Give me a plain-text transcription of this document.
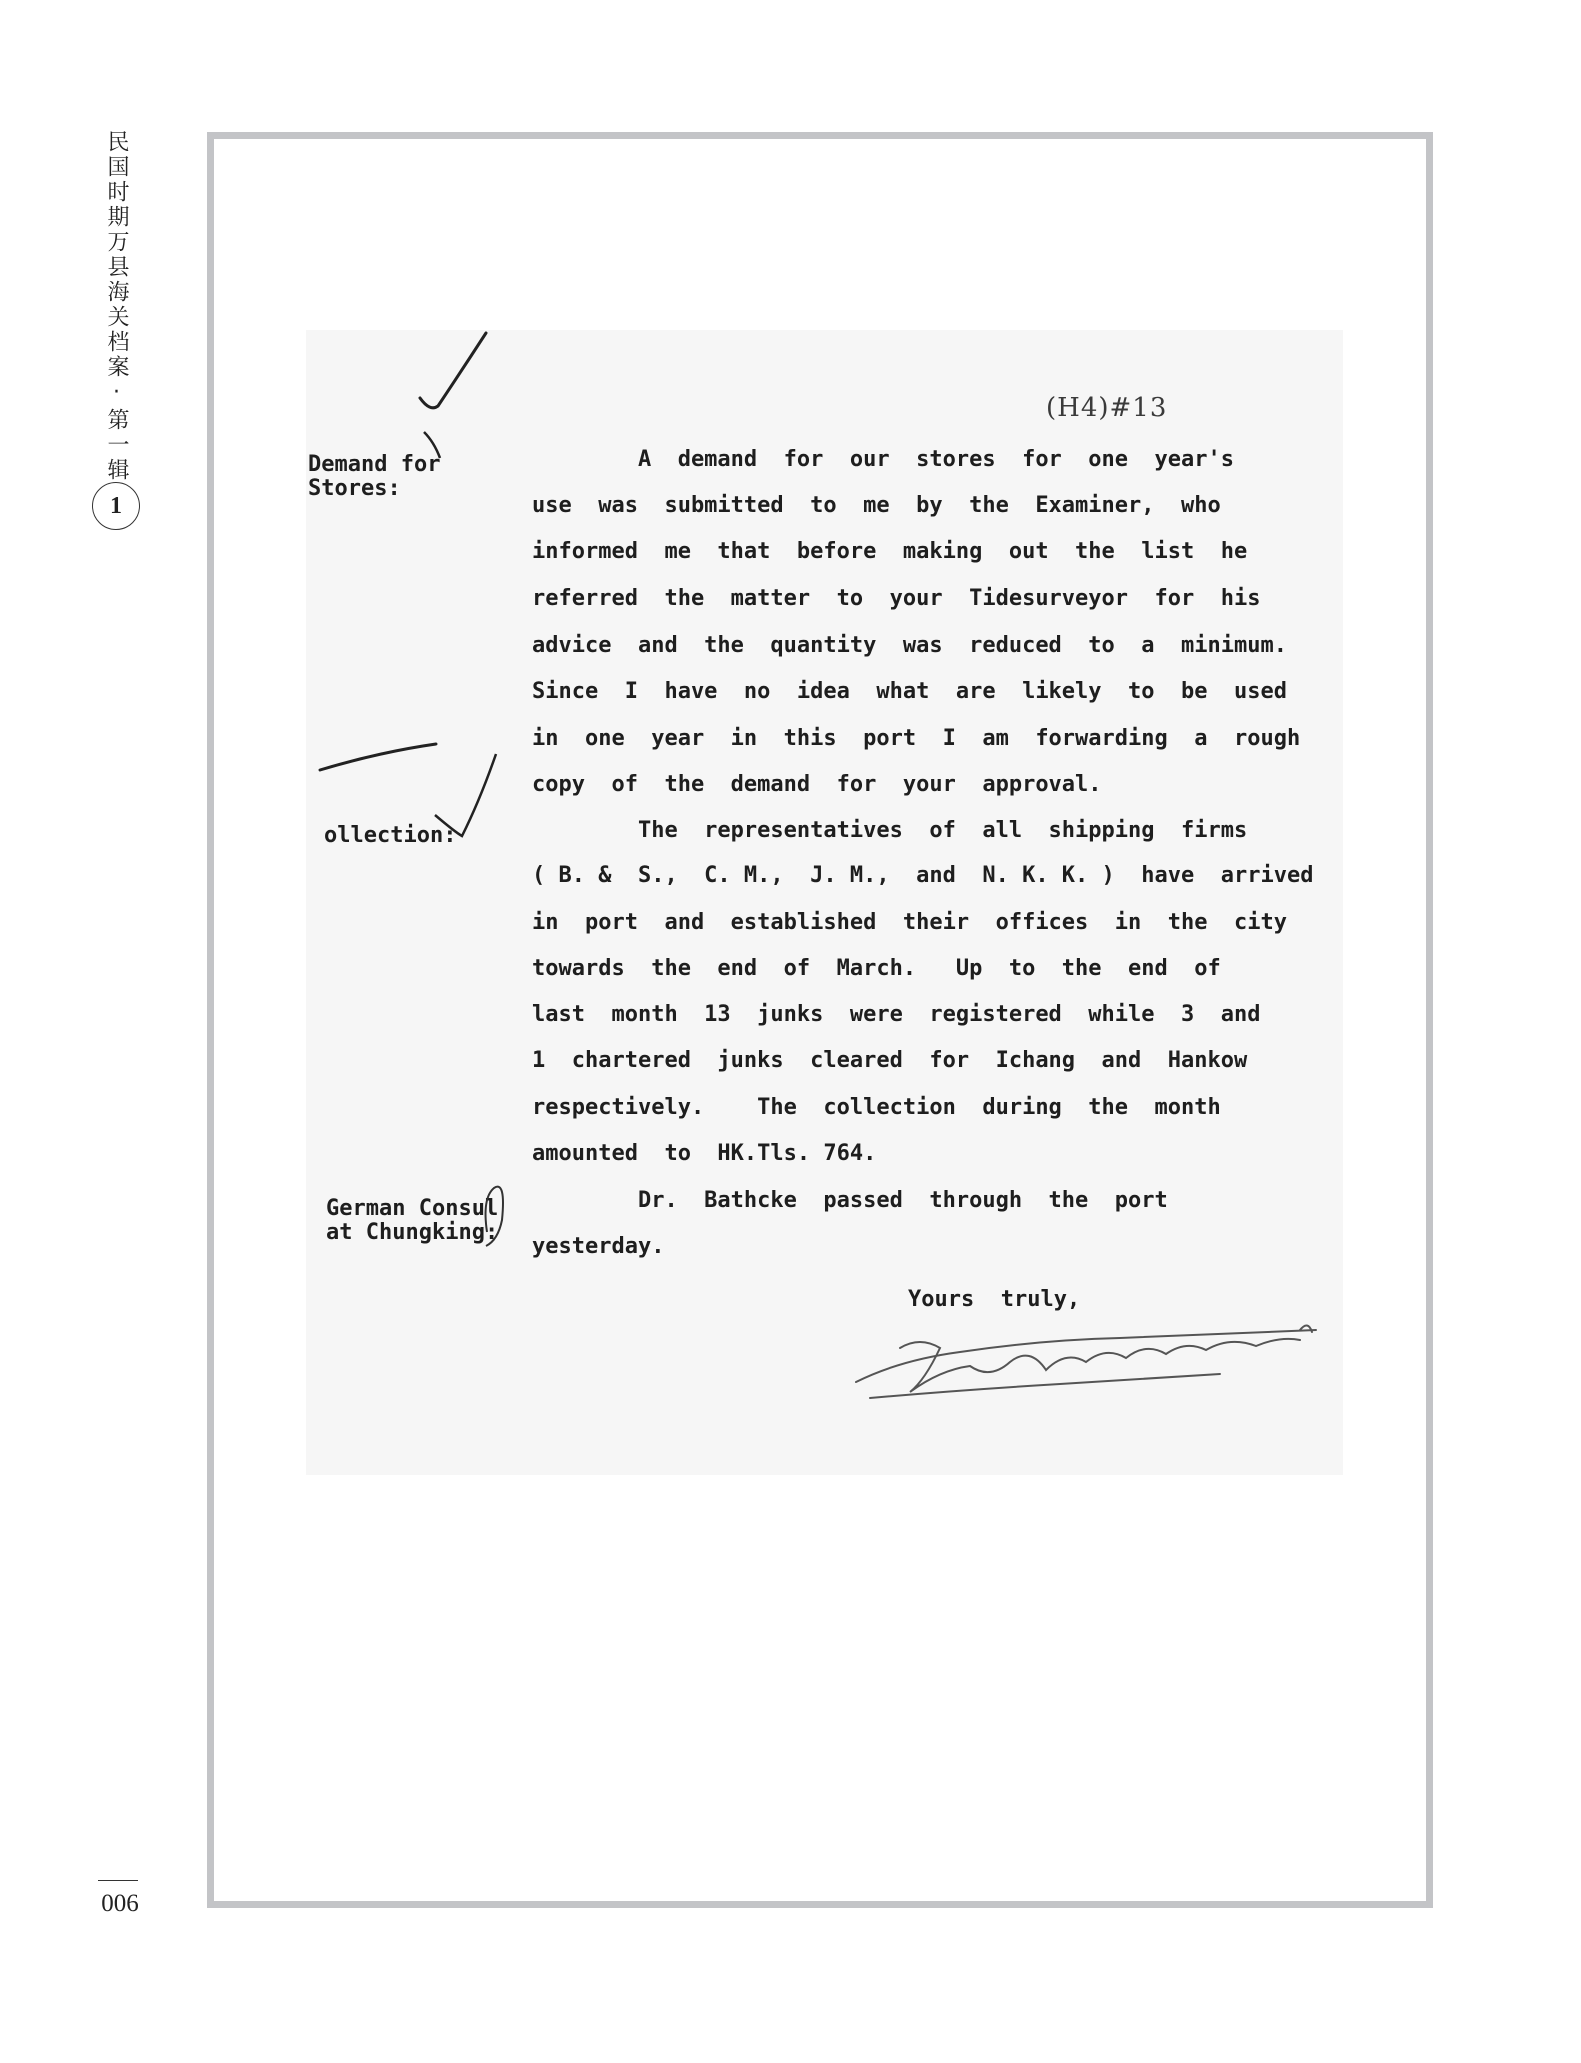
民国时期万县海关档案·第一辑
1
006
(H4)#13
Demand for
Stores:
ollection:
German Consul
at Chungking:
A  demand  for  our  stores  for  one  year's
use  was  submitted  to  me  by  the  Examiner,  who
informed  me  that  before  making  out  the  list  he
referred  the  matter  to  your  Tidesurveyor  for  his
advice  and  the  quantity  was  reduced  to  a  minimum.
Since  I  have  no  idea  what  are  likely  to  be  used
in  one  year  in  this  port  I  am  forwarding  a  rough
copy  of  the  demand  for  your  approval.
The  representatives  of  all  shipping  firms
( B. &  S.,  C. M.,  J. M.,  and  N. K. K. )  have  arrived
in  port  and  established  their  offices  in  the  city
towards  the  end  of  March.   Up  to  the  end  of
last  month  13  junks  were  registered  while  3  and
1  chartered  junks  cleared  for  Ichang  and  Hankow
respectively.    The  collection  during  the  month
amounted  to  HK.Tls. 764.
Dr.  Bathcke  passed  through  the  port
yesterday.
Yours  truly,
